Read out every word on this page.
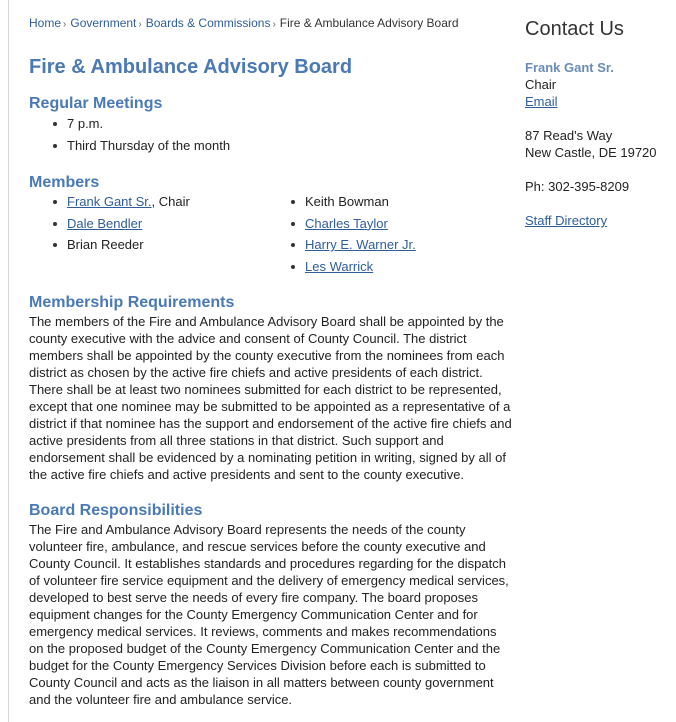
Home › Government › Boards & Commissions › Fire & Ambulance Advisory Board
Fire & Ambulance Advisory Board
Regular Meetings
7 p.m.
Third Thursday of the month
Members
Frank Gant Sr., Chair
Dale Bendler
Brian Reeder
Keith Bowman
Charles Taylor
Harry E. Warner Jr.
Les Warrick
Membership Requirements

The members of the Fire and Ambulance Advisory Board shall be appointed by the
county executive with the advice and consent of County Council. The district
members shall be appointed by the county executive from the nominees from each
district as chosen by the active fire chiefs and active presidents of each district.
There shall be at least two nominees submitted for each district to be represented,
except that one nominee may be submitted to be appointed as a representative of a
district if that nominee has the support and endorsement of the active fire chiefs and
active presidents from all three stations in that district. Such support and
endorsement shall be evidenced by a nominating petition in writing, signed by all of
the active fire chiefs and active presidents and sent to the county executive.

Board Responsibilities

The Fire and Ambulance Advisory Board represents the needs of the county
volunteer fire, ambulance, and rescue services before the county executive and
County Council. It establishes standards and procedures regarding for the dispatch
of volunteer fire service equipment and the delivery of emergency medical services,
developed to best serve the needs of every fire company. The board proposes
equipment changes for the County Emergency Communication Center and for
emergency medical services. It reviews, comments and makes recommendations
on the proposed budget of the County Emergency Communication Center and the
budget for the County Emergency Services Division before each is submitted to
County Council and acts as the liaison in all matters between county government
and the volunteer fire and ambulance service.

Contact Us
Frank Gant Sr.
Chair
Email
87 Read's Way
New Castle, DE 19720
Ph: 302-395-8209
Staff Directory
